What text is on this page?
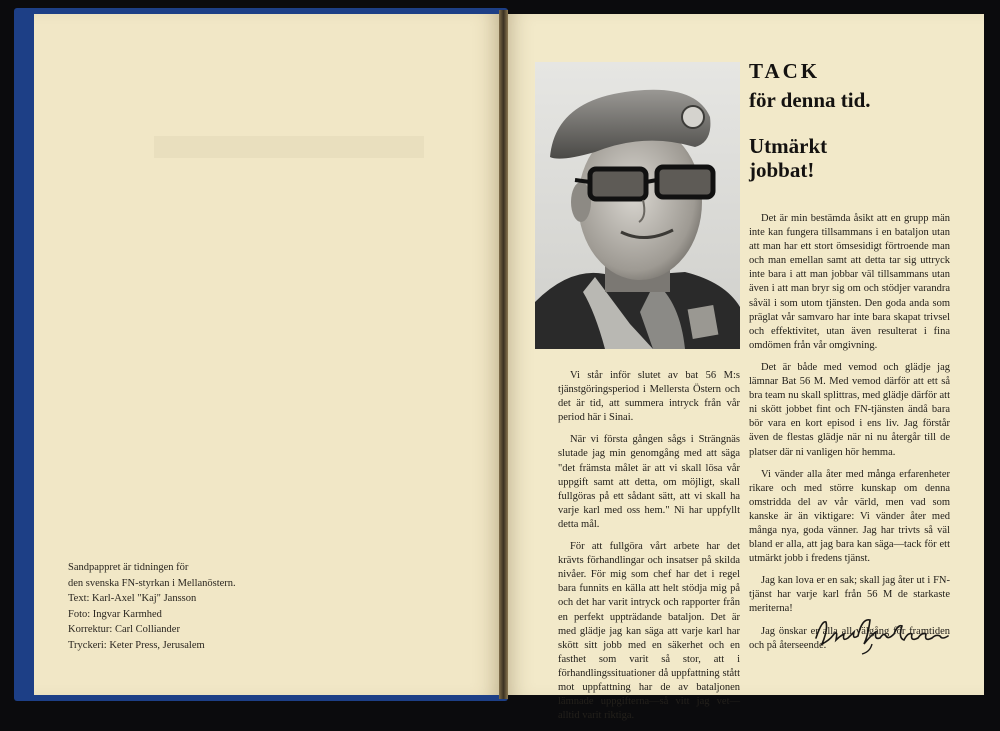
Sandpappret är tidningen för
den svenska FN-styrkan i Mellanöstern.
Text: Karl-Axel "Kaj" Jansson
Foto: Ingvar Karmhed
Korrektur: Carl Colliander
Tryckeri: Keter Press, Jerusalem
TACK
för denna tid.
Utmärkt jobbat!

Vi står inför slutet av bat 56 M:s tjänstgöringsperiod i Mellersta Östern och det är tid, att summera intryck från vår period här i Sinai.

När vi första gången sågs i Strängnäs slutade jag min genomgång med att säga "det främsta målet är att vi skall lösa vår uppgift samt att detta, om möjligt, skall fullgöras på ett sådant sätt, att vi skall ha varje karl med oss hem." Ni har uppfyllt detta mål.

För att fullgöra vårt arbete har det krävts förhandlingar och insatser på skilda nivåer. För mig som chef har det i regel bara funnits en källa att helt stödja mig på och det har varit intryck och rapporter från en perfekt uppträdande bataljon. Det är med glädje jag kan säga att varje karl har skött sitt jobb med en säkerhet och en fasthet som varit så stor, att i förhandlingssituationer då uppfattning stått mot uppfattning har de av bataljonen lämnade uppgifterna—så vitt jag vet—alltid varit riktiga.

Det är min bestämda åsikt att en grupp män inte kan fungera tillsammans i en bataljon utan att man har ett stort ömsesidigt förtroende man och man emellan samt att detta tar sig uttryck inte bara i att man jobbar väl tillsammans utan även i att man bryr sig om och stödjer varandra såväl i som utom tjänsten. Den goda anda som präglat vår samvaro har inte bara skapat trivsel och effektivitet, utan även resulterat i fina omdömen från vår omgivning.

Det är både med vemod och glädje jag lämnar Bat 56 M. Med vemod därför att ett så bra team nu skall splittras, med glädje därför att ni skött jobbet fint och FN-tjänsten ändå bara bör vara en kort episod i ens liv. Jag förstår även de flestas glädje när ni nu återgår till de platser där ni vanligen hör hemma.

Vi vänder alla åter med många erfarenheter rikare och med större kunskap om denna omstridda del av vår värld, men vad som kanske är än viktigare: Vi vänder åter med många nya, goda vänner. Jag har trivts så väl bland er alla, att jag bara kan säga—tack för ett utmärkt jobb i fredens tjänst.

Jag kan lova er en sak; skall jag åter ut i FN-tjänst har varje karl från 56 M de starkaste meriterna!

Jag önskar er alla all välgång för framtiden och på återseende.
